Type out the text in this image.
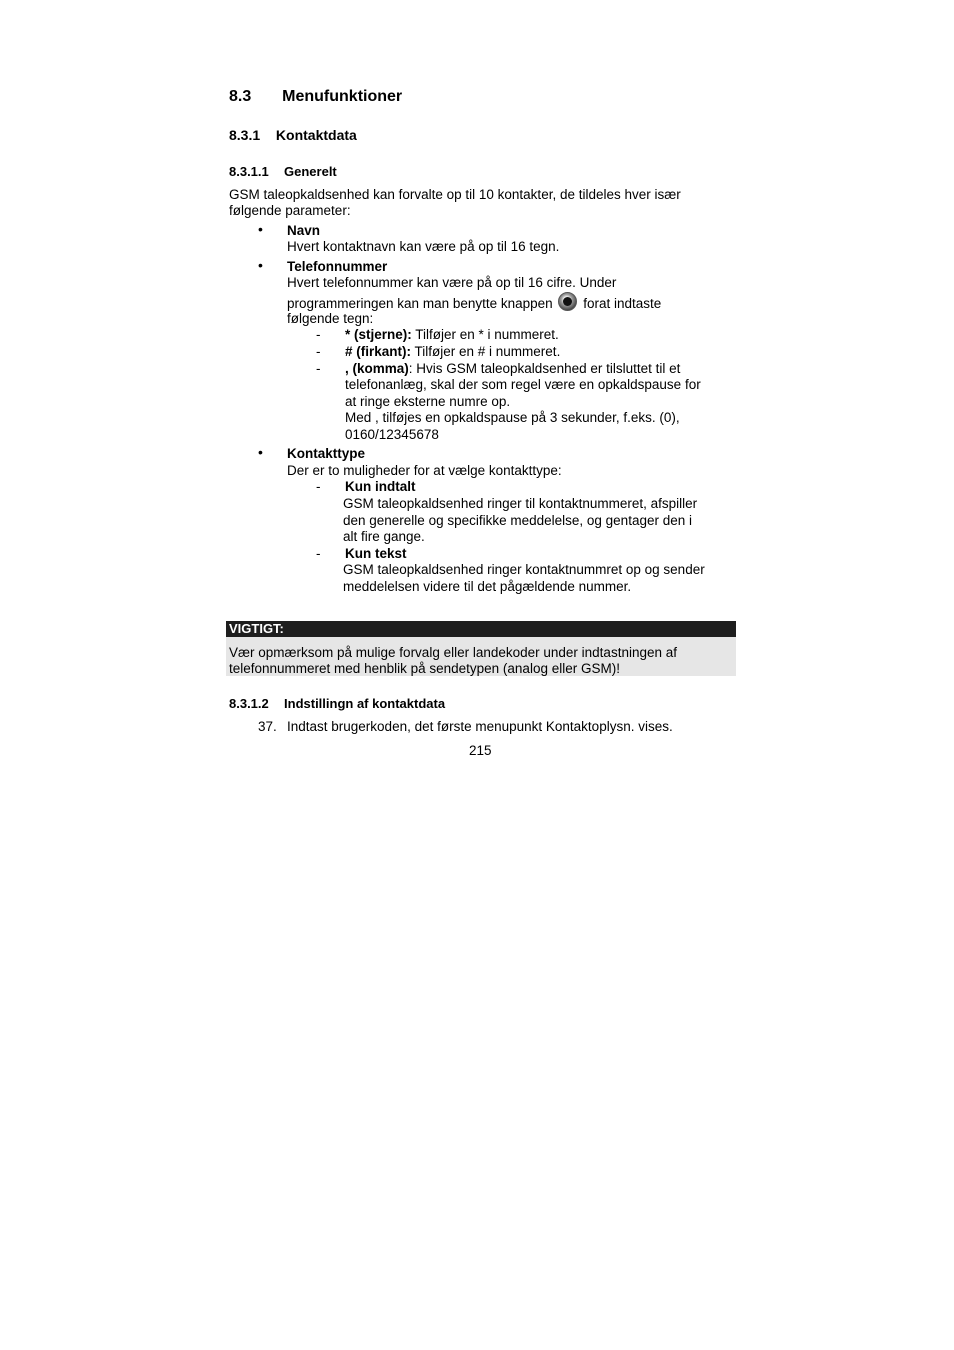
8.3 Menufunktioner
8.3.1 Kontaktdata
8.3.1.1 Generelt
GSM taleopkaldsenhed kan forvalte op til 10 kontakter, de tildeles hver især
følgende parameter:
• Navn
Hvert kontaktnavn kan være på op til 16 tegn.
• Telefonnummer
Hvert telefonnummer kan være på op til 16 cifre. Under
programmeringen kan man benytte knappen forat indtaste
følgende tegn:
- * (stjerne): Tilføjer en * i nummeret.
- # (firkant): Tilføjer en # i nummeret.
- , (komma): Hvis GSM taleopkaldsenhed er tilsluttet til et
telefonanlæg, skal der som regel være en opkaldspause for
at ringe eksterne numre op.
Med , tilføjes en opkaldspause på 3 sekunder, f.eks. (0),
0160/12345678
• Kontakttype
Der er to muligheder for at vælge kontakttype:
- Kun indtalt
GSM taleopkaldsenhed ringer til kontaktnummeret, afspiller
den generelle og specifikke meddelelse, og gentager den i
alt fire gange.
- Kun tekst
GSM taleopkaldsenhed ringer kontaktnummret op og sender
meddelelsen videre til det pågældende nummer.
VIGTIGT:
Vær opmærksom på mulige forvalg eller landekoder under indtastningen af
telefonnummeret med henblik på sendetypen (analog eller GSM)!
8.3.1.2 Indstillingn af kontaktdata
37. Indtast brugerkoden, det første menupunkt Kontaktoplysn. vises.
215
